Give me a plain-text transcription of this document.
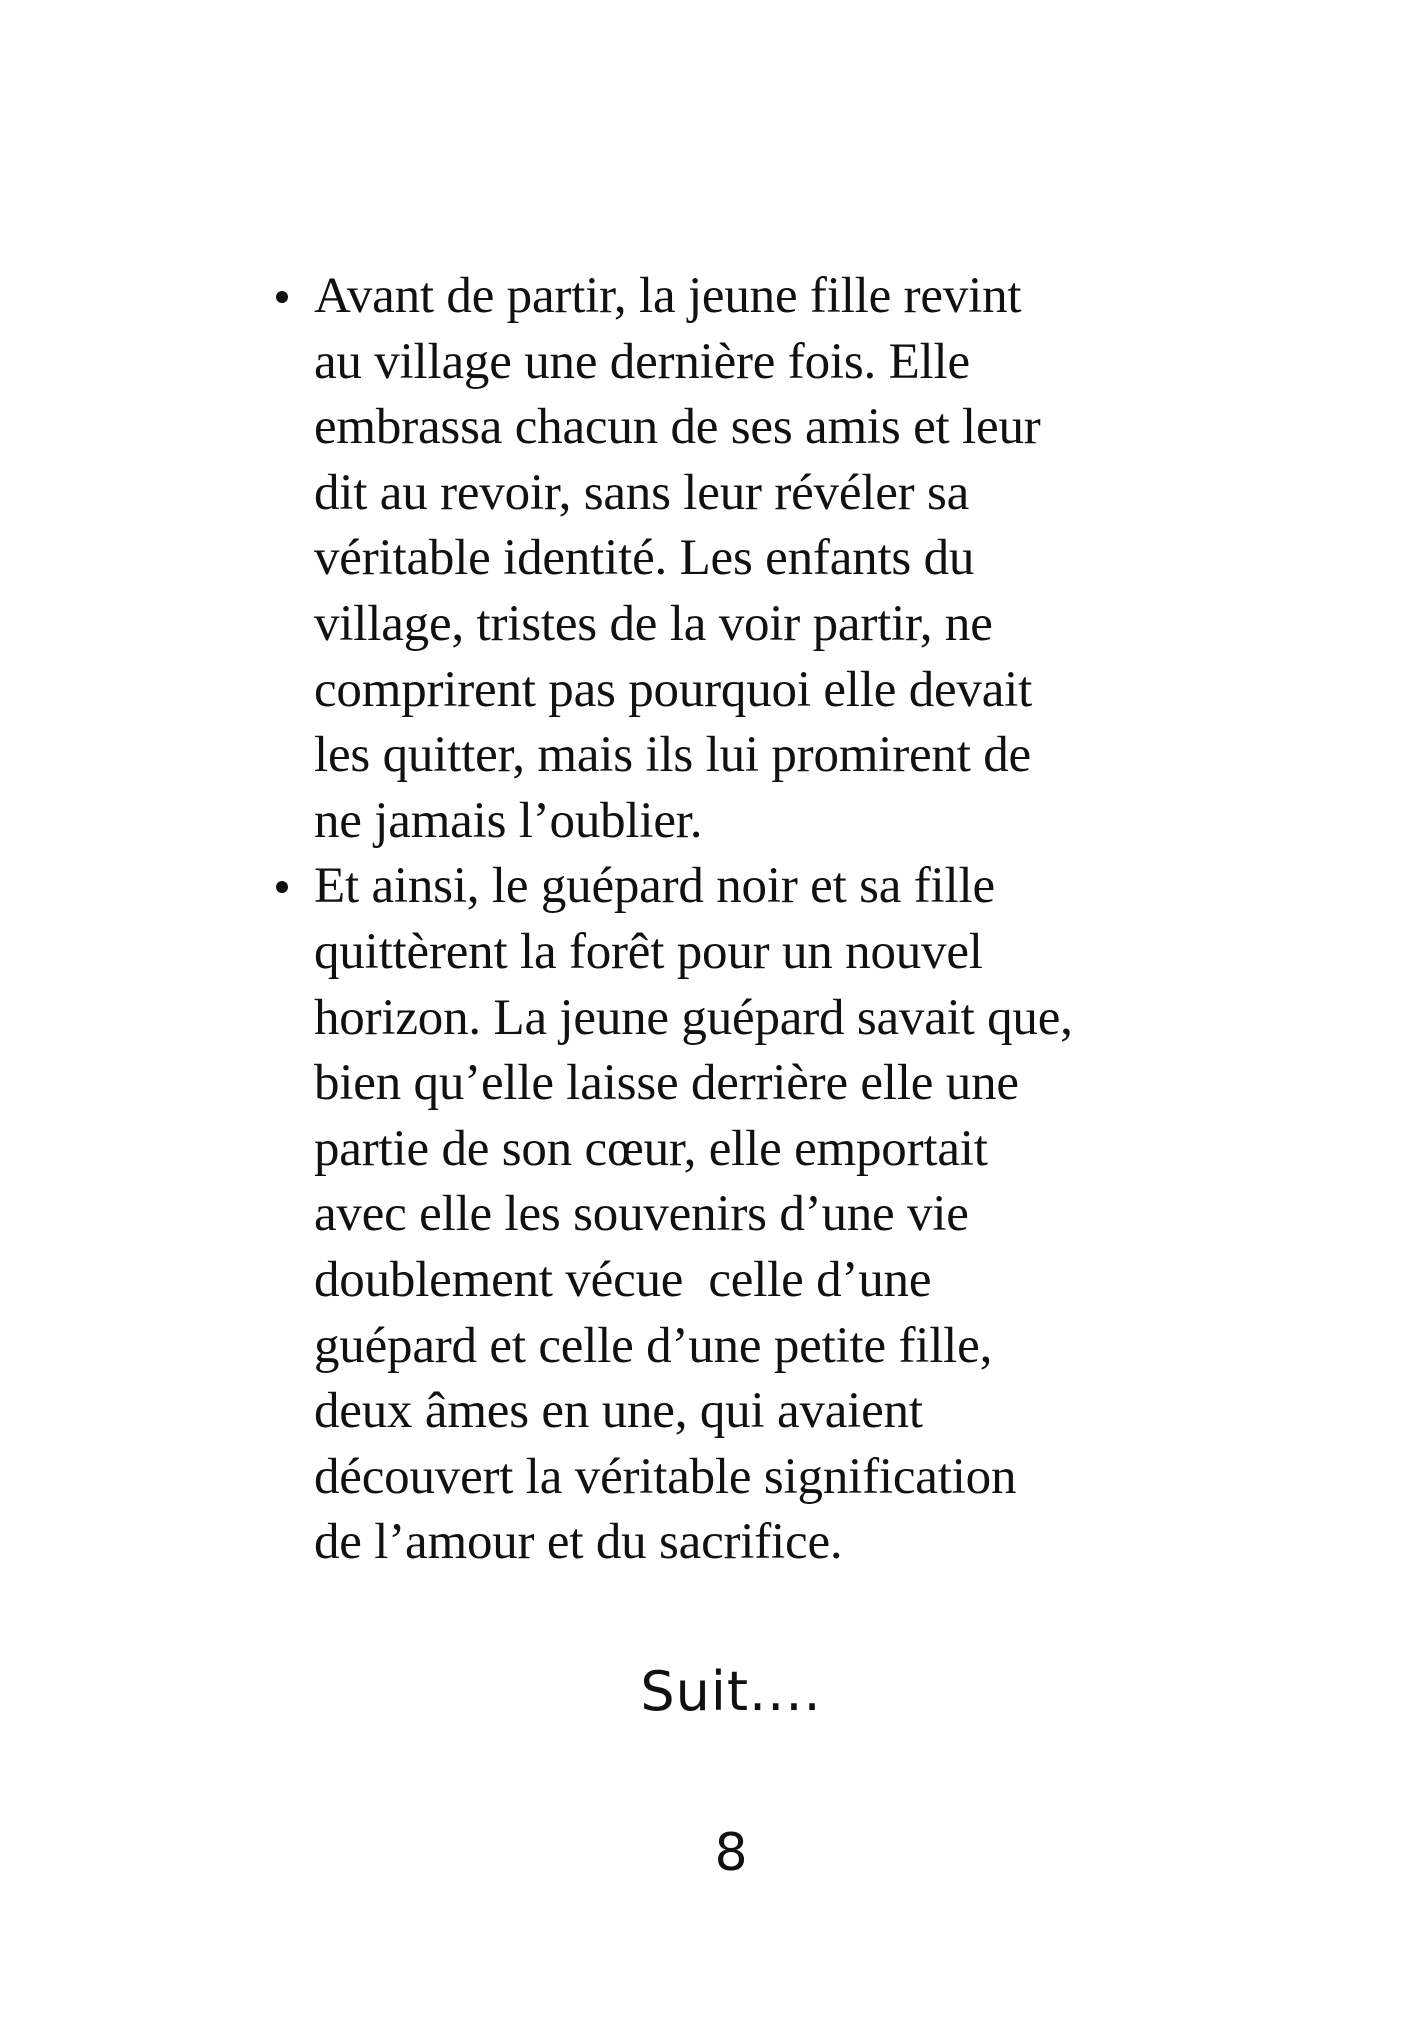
Avant de partir, la jeune fille revint
au village une dernière fois. Elle
embrassa chacun de ses amis et leur
dit au revoir, sans leur révéler sa
véritable identité. Les enfants du
village, tristes de la voir partir, ne
comprirent pas pourquoi elle devait
les quitter, mais ils lui promirent de
ne jamais l’oublier.
Et ainsi, le guépard noir et sa fille
quittèrent la forêt pour un nouvel
horizon. La jeune guépard savait que,
bien qu’elle laisse derrière elle une
partie de son cœur, elle emportait
avec elle les souvenirs d’une vie
doublement vécue  celle d’une
guépard et celle d’une petite fille,
deux âmes en une, qui avaient
découvert la véritable signification
de l’amour et du sacrifice.
Suit....
8
